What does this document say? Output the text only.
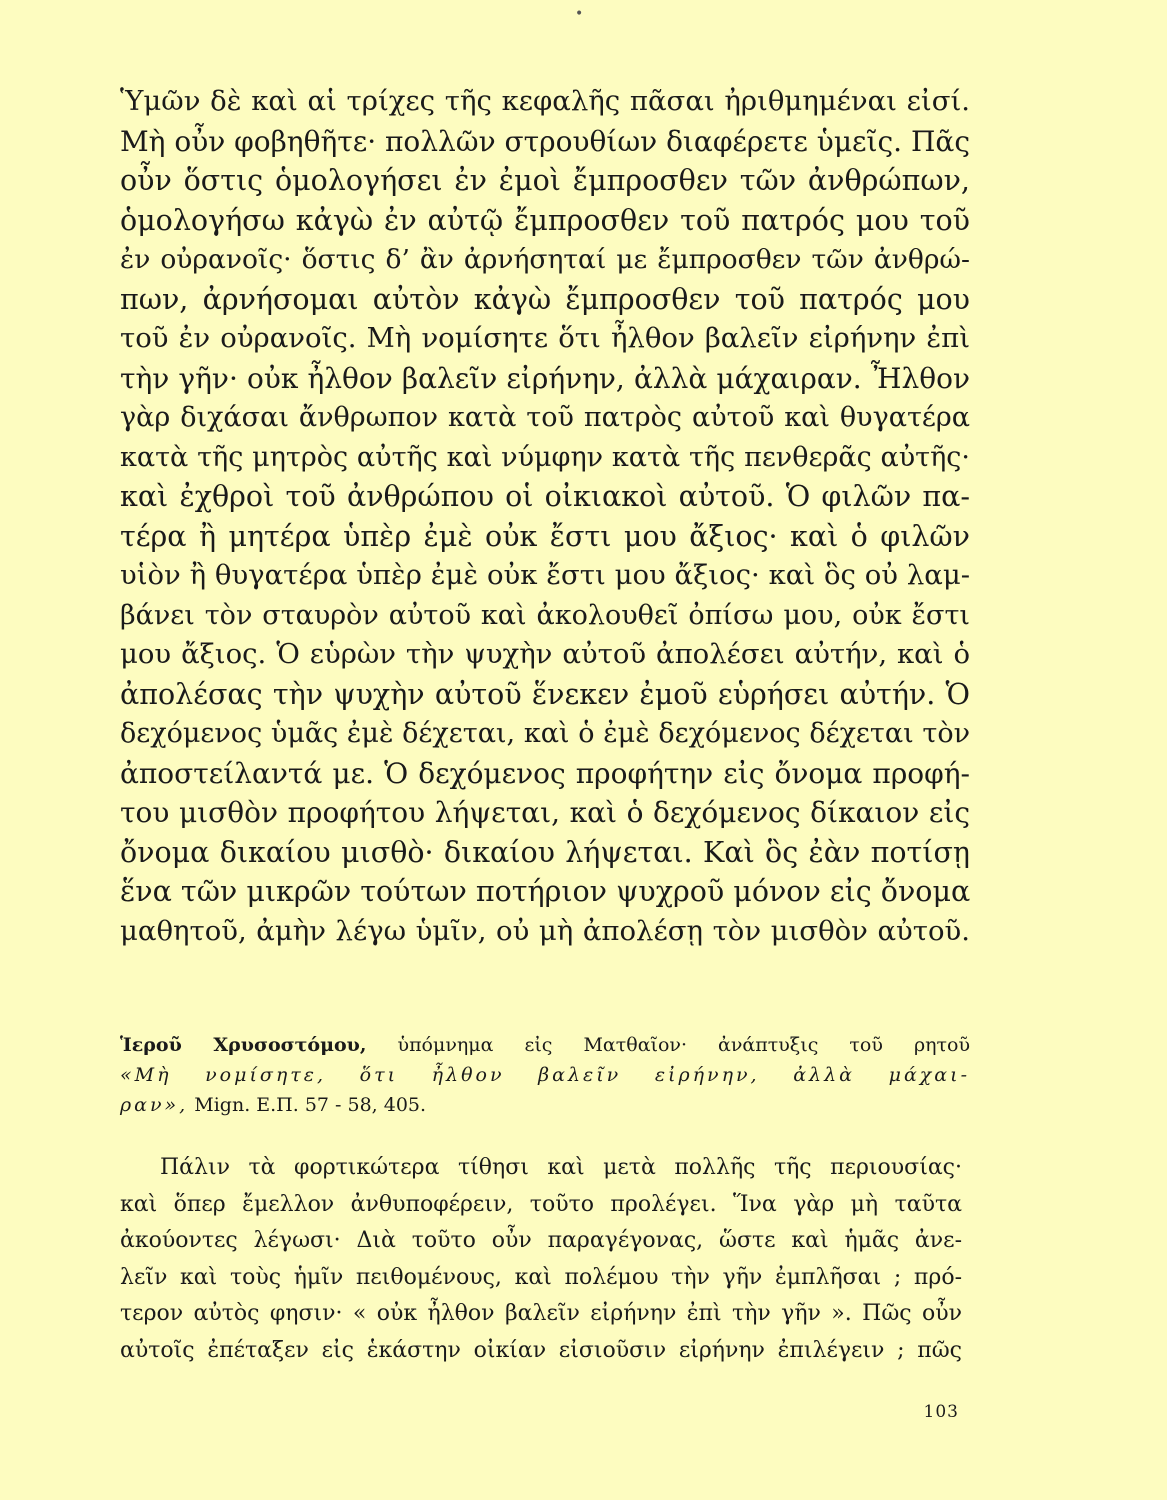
•
Ὑμῶν δὲ καὶ αἱ τρίχες τῆς κεφαλῆς πᾶσαι ἠριθμημέναι εἰσί.
Μὴ οὖν φοβηθῆτε· πολλῶν στρουθίων διαφέρετε ὑμεῖς. Πᾶς
οὖν ὅστις ὁμολογήσει ἐν ἐμοὶ ἔμπροσθεν τῶν ἀνθρώπων,
ὁμολογήσω κἀγὼ ἐν αὐτῷ ἔμπροσθεν τοῦ πατρός μου τοῦ
ἐν οὐρανοῖς· ὅστις δ’ ἂν ἀρνήσηταί με ἔμπροσθεν τῶν ἀνθρώ-
πων, ἀρνήσομαι αὐτὸν κἀγὼ ἔμπροσθεν τοῦ πατρός μου
τοῦ ἐν οὐρανοῖς. Μὴ νομίσητε ὅτι ἦλθον βαλεῖν εἰρήνην ἐπὶ
τὴν γῆν· οὐκ ἦλθον βαλεῖν εἰρήνην, ἀλλὰ μάχαιραν. Ἦλθον
γὰρ διχάσαι ἄνθρωπον κατὰ τοῦ πατρὸς αὐτοῦ καὶ θυγατέρα
κατὰ τῆς μητρὸς αὐτῆς καὶ νύμφην κατὰ τῆς πενθερᾶς αὐτῆς·
καὶ ἐχθροὶ τοῦ ἀνθρώπου οἱ οἰκιακοὶ αὐτοῦ. Ὁ φιλῶν πα-
τέρα ἢ μητέρα ὑπὲρ ἐμὲ οὐκ ἔστι μου ἄξιος· καὶ ὁ φιλῶν
υἱὸν ἢ θυγατέρα ὑπὲρ ἐμὲ οὐκ ἔστι μου ἄξιος· καὶ ὃς οὐ λαμ-
βάνει τὸν σταυρὸν αὐτοῦ καὶ ἀκολουθεῖ ὀπίσω μου, οὐκ ἔστι
μου ἄξιος. Ὁ εὑρὼν τὴν ψυχὴν αὐτοῦ ἀπολέσει αὐτήν, καὶ ὁ
ἀπολέσας τὴν ψυχὴν αὐτοῦ ἕνεκεν ἐμοῦ εὑρήσει αὐτήν. Ὁ
δεχόμενος ὑμᾶς ἐμὲ δέχεται, καὶ ὁ ἐμὲ δεχόμενος δέχεται τὸν
ἀποστείλαντά με. Ὁ δεχόμενος προφήτην εἰς ὄνομα προφή-
του μισθὸν προφήτου λήψεται, καὶ ὁ δεχόμενος δίκαιον εἰς
ὄνομα δικαίου μισθὸ· δικαίου λήψεται. Καὶ ὃς ἐὰν ποτίσῃ
ἕνα τῶν μικρῶν τούτων ποτήριον ψυχροῦ μόνον εἰς ὄνομα
μαθητοῦ, ἀμὴν λέγω ὑμῖν, οὐ μὴ ἀπολέσῃ τὸν μισθὸν αὐτοῦ.
Ἱεροῦ Χρυσοστόμου, ὑπόμνημα εἰς Ματθαῖον· ἀνάπτυξις τοῦ ρητοῦ
«Μὴ νομίσητε, ὅτι ἦλθον βαλεῖν εἰρήνην, ἀλλὰ μάχαι-
ραν», Mign. Ε.Π. 57 - 58, 405.
Πάλιν τὰ φορτικώτερα τίθησι καὶ μετὰ πολλῆς τῆς περιουσίας·
καὶ ὅπερ ἔμελλον ἀνθυποφέρειν, τοῦτο προλέγει. Ἵνα γὰρ μὴ ταῦτα
ἀκούοντες λέγωσι· Διὰ τοῦτο οὖν παραγέγονας, ὥστε καὶ ἡμᾶς ἀνε-
λεῖν καὶ τοὺς ἡμῖν πειθομένους, καὶ πολέμου τὴν γῆν ἐμπλῆσαι ; πρό-
τερον αὐτὸς φησιν· « οὐκ ἦλθον βαλεῖν εἰρήνην ἐπὶ τὴν γῆν ». Πῶς οὖν
αὐτοῖς ἐπέταξεν εἰς ἑκάστην οἰκίαν εἰσιοῦσιν εἰρήνην ἐπιλέγειν ; πῶς
103
